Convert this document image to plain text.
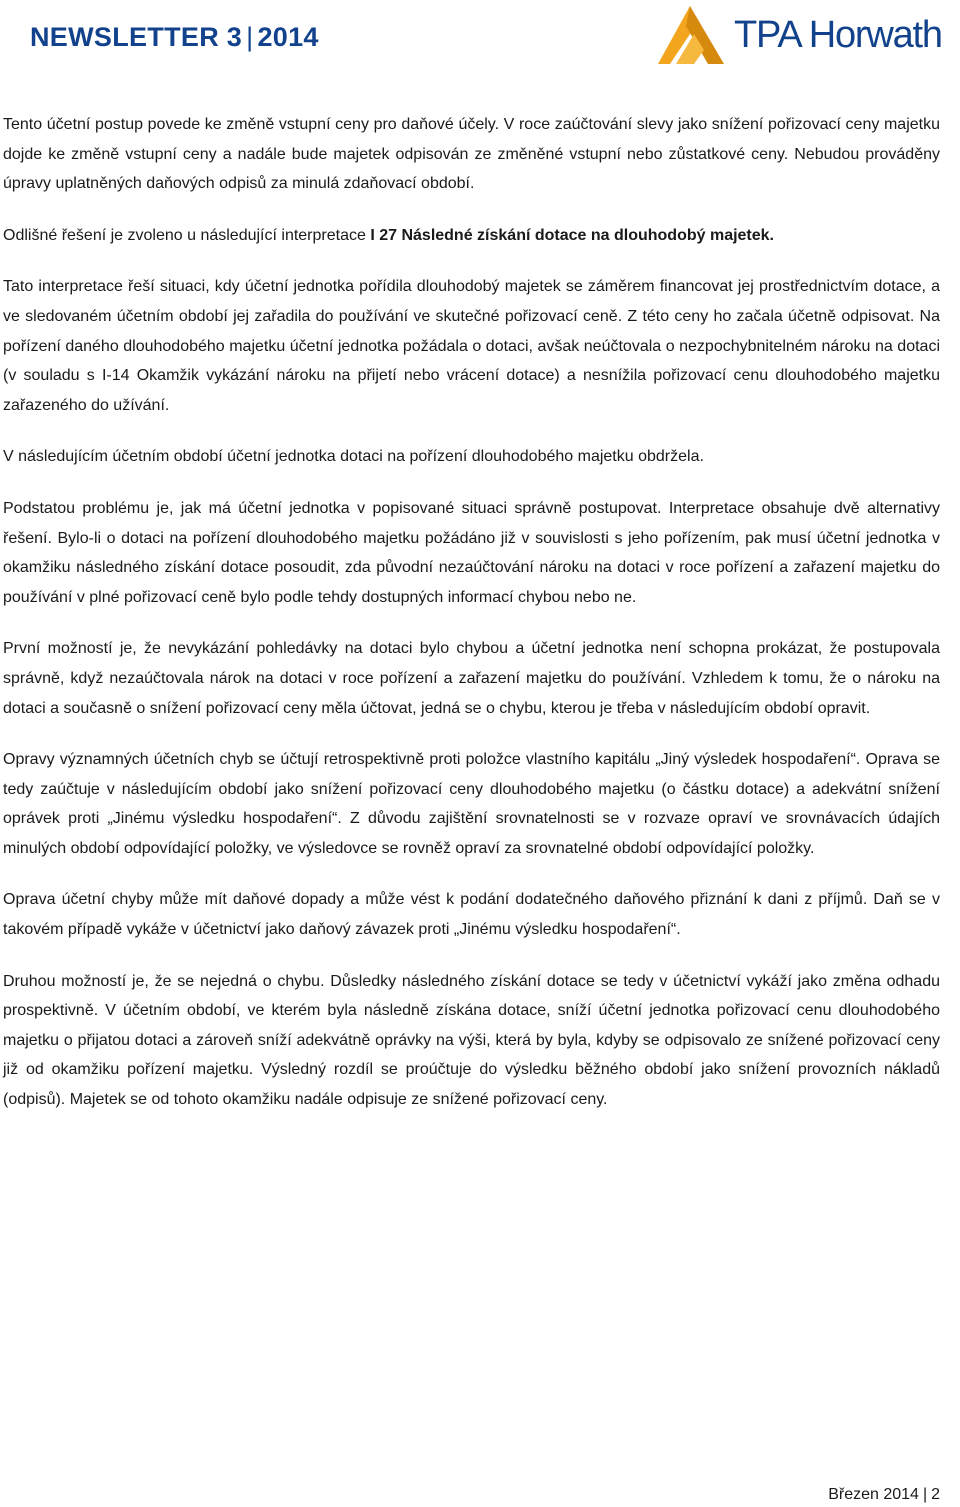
NEWSLETTER 3 | 2014	TPA Horwath

Tento účetní postup povede ke změně vstupní ceny pro daňové účely. V roce zaúčtování slevy jako snížení pořizovací ceny majetku dojde ke změně vstupní ceny a nadále bude majetek odpisován ze změněné vstupní nebo zůstatkové ceny. Nebudou prováděny úpravy uplatněných daňových odpisů za minulá zdaňovací období.

Odlišné řešení je zvoleno u následující interpretace I 27 Následné získání dotace na dlouhodobý majetek.

Tato interpretace řeší situaci, kdy účetní jednotka pořídila dlouhodobý majetek se záměrem financovat jej prostřednictvím dotace, a ve sledovaném účetním období jej zařadila do používání ve skutečné pořizovací ceně. Z této ceny ho začala účetně odpisovat. Na pořízení daného dlouhodobého majetku účetní jednotka požádala o dotaci, avšak neúčtovala o nezpochybnitelném nároku na dotaci (v souladu s I-14 Okamžik vykázání nároku na přijetí nebo vrácení dotace) a nesnížila pořizovací cenu dlouhodobého majetku zařazeného do užívání.

V následujícím účetním období účetní jednotka dotaci na pořízení dlouhodobého majetku obdržela.

Podstatou problému je, jak má účetní jednotka v popisované situaci správně postupovat. Interpretace obsahuje dvě alternativy řešení. Bylo-li o dotaci na pořízení dlouhodobého majetku požádáno již v souvislosti s jeho pořízením, pak musí účetní jednotka v okamžiku následného získání dotace posoudit, zda původní nezaúčtování nároku na dotaci v roce pořízení a zařazení majetku do používání v plné pořizovací ceně bylo podle tehdy dostupných informací chybou nebo ne.

První možností je, že nevykázání pohledávky na dotaci bylo chybou a účetní jednotka není schopna prokázat, že postupovala správně, když nezaúčtovala nárok na dotaci v roce pořízení a zařazení majetku do používání. Vzhledem k tomu, že o nároku na dotaci a současně o snížení pořizovací ceny měla účtovat, jedná se o chybu, kterou je třeba v následujícím období opravit.

Opravy významných účetních chyb se účtují retrospektivně proti položce vlastního kapitálu „Jiný výsledek hospodaření“. Oprava se tedy zaúčtuje v následujícím období jako snížení pořizovací ceny dlouhodobého majetku (o částku dotace) a adekvátní snížení oprávek proti „Jinému výsledku hospodaření“. Z důvodu zajištění srovnatelnosti se v rozvaze opraví ve srovnávacích údajích minulých období odpovídající položky, ve výsledovce se rovněž opraví za srovnatelné období odpovídající položky.

Oprava účetní chyby může mít daňové dopady a může vést k podání dodatečného daňového přiznání k dani z příjmů. Daň se v takovém případě vykáže v účetnictví jako daňový závazek proti „Jinému výsledku hospodaření“.

Druhou možností je, že se nejedná o chybu. Důsledky následného získání dotace se tedy v účetnictví vykáží jako změna odhadu prospektivně. V účetním období, ve kterém byla následně získána dotace, sníží účetní jednotka pořizovací cenu dlouhodobého majetku o přijatou dotaci a zároveň sníží adekvátně oprávky na výši, která by byla, kdyby se odpisovalo ze snížené pořizovací ceny již od okamžiku pořízení majetku. Výsledný rozdíl se proúčtuje do výsledku běžného období jako snížení provozních nákladů (odpisů). Majetek se od tohoto okamžiku nadále odpisuje ze snížené pořizovací ceny.

Březen 2014 | 2
